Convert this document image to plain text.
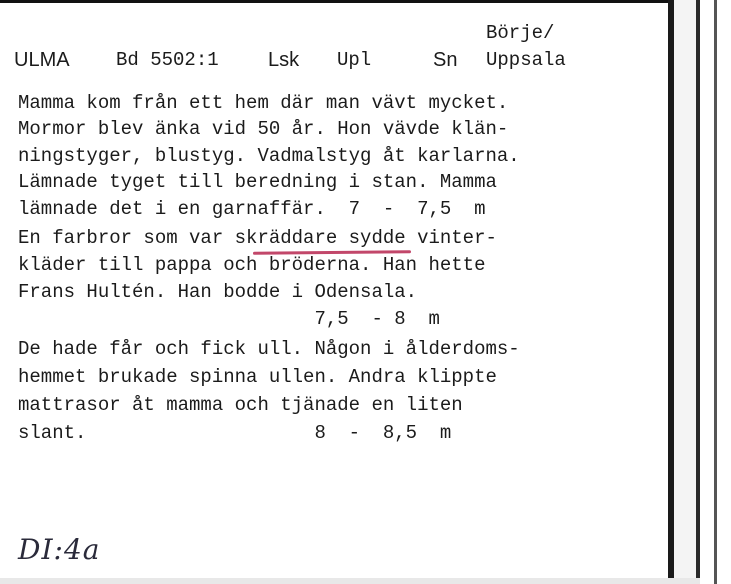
ULMA Bd 5502:1 Lsk Upl	Sn
Börje/
Uppsala
Mamma kom från ett hem där man vävt mycket.
Mormor blev änka vid 50 år. Hon vävde klän-
ningstyger, blustyg. Vadmalstyg åt karlarna.
Lämnade tyget till beredning i stan. Mamma
lämnade det i en garnaffär.  7  -  7,5  m
En farbror som var skräddare sydde vinter-
kläder till pappa och bröderna. Han hette
Frans Hultén. Han bodde i Odensala.
7,5  - 8  m
De hade får och fick ull. Någon i ålderdoms-
hemmet brukade spinna ullen. Andra klippte
mattrasor åt mamma och tjänade en liten
slant.                    8  -  8,5  m
DI:4a
